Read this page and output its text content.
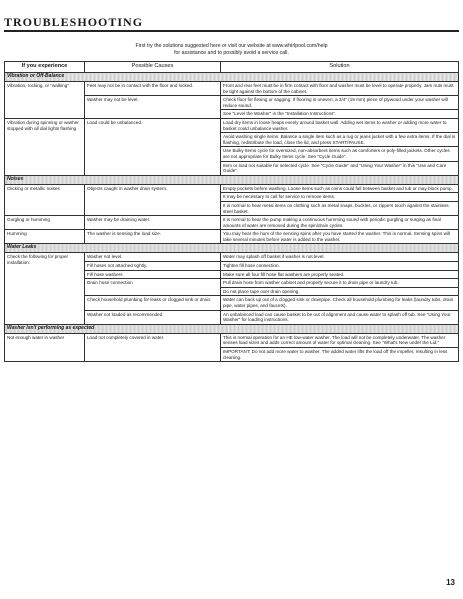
TROUBLESHOOTING
First try the solutions suggested here or visit our website at www.whirlpool.com/help
for assistance and to possibly avoid a service call.
If you experience	Possible Causes	Solution
Vibration or Off-Balance		
Vibration, rocking, or "walking"	Feet may not be in contact with the floor and locked.	Front and rear feet must be in firm contact with floor and washer must be level to operate properly. Jam nuts must be tight against the bottom of the cabinet.
	Washer may not be level.	Check floor for flexing or sagging. If flooring is uneven, a 3/4" (19 mm) piece of plywood under your washer will reduce sound.
		See "Level the Washer" in the "Installation Instructions".
Vibration during spinning or washer stopped with all dial lights flashing	Load could be unbalanced.	Load dry items in loose heaps evenly around basket wall. Adding wet items to washer or adding more water to basket could unbalance washer.
		Avoid washing single items. Balance a single item such as a rug or jeans jacket with a few extra items. If the dial is flashing, redistribute the load, close the lid, and press START/PAUSE.
		Use Bulky Items cycle for oversized, non-absorbent items such as comforters or poly-filled jackets. Other cycles are not appropriate for Bulky Items cycle. See "Cycle Guide".
		Item or load not suitable for selected cycle. See "Cycle Guide" and "Using Your Washer" in this "Use and Care Guide".
Noises		
Clicking or metallic noises	Objects caught in washer drain system.	Empty pockets before washing. Loose items such as coins could fall between basket and tub or may block pump.
		It may be necessary to call for service to remove items.
		It is normal to hear metal items on clothing such as metal snaps, buckles, or zippers touch against the stainless steel basket.
Gurgling or humming	Washer may be draining water.	It is normal to hear the pump making a continuous humming sound with periodic gurgling or surging as final amounts of water are removed during the spin/drain cycles.
Humming	The washer is sensing the load size.	You may hear the hum of the sensing spins after you have started the washer. This is normal. Sensing spins will take several minutes before water is added to the washer.
Water Leaks		
Check the following for proper installation:	Washer not level.	Water may splash off basket if washer is not level.
	Fill hoses not attached tightly.	Tighten fill hose connection.
	Fill hose washers	Make sure all four fill hose flat washers are properly seated.
	Drain hose connection	Pull drain hose from washer cabinet and properly secure it to drain pipe or laundry tub.
		Do not place tape over drain opening.
	Check household plumbing for leaks or clogged sink or drain.	Water can back up out of a clogged sink or drainpipe. Check all household plumbing for leaks (laundry tubs, drain pipe, water pipes, and faucets).
	Washer not loaded as recommended.	An unbalanced load can cause basket to be out of alignment and cause water to splash off tub. See "Using Your Washer" for loading instructions.
Washer isn't performing as expected		
Not enough water in washer	Load not completely covered in water.	This is normal operation for an HE low-water washer. The load will not be completely underwater. The washer senses load sizes and adds correct amount of water for optimal cleaning. See "What's New under the Lid."
		IMPORTANT: Do not add more water to washer. The added water lifts the load off the impeller, resulting in less cleaning.
13
